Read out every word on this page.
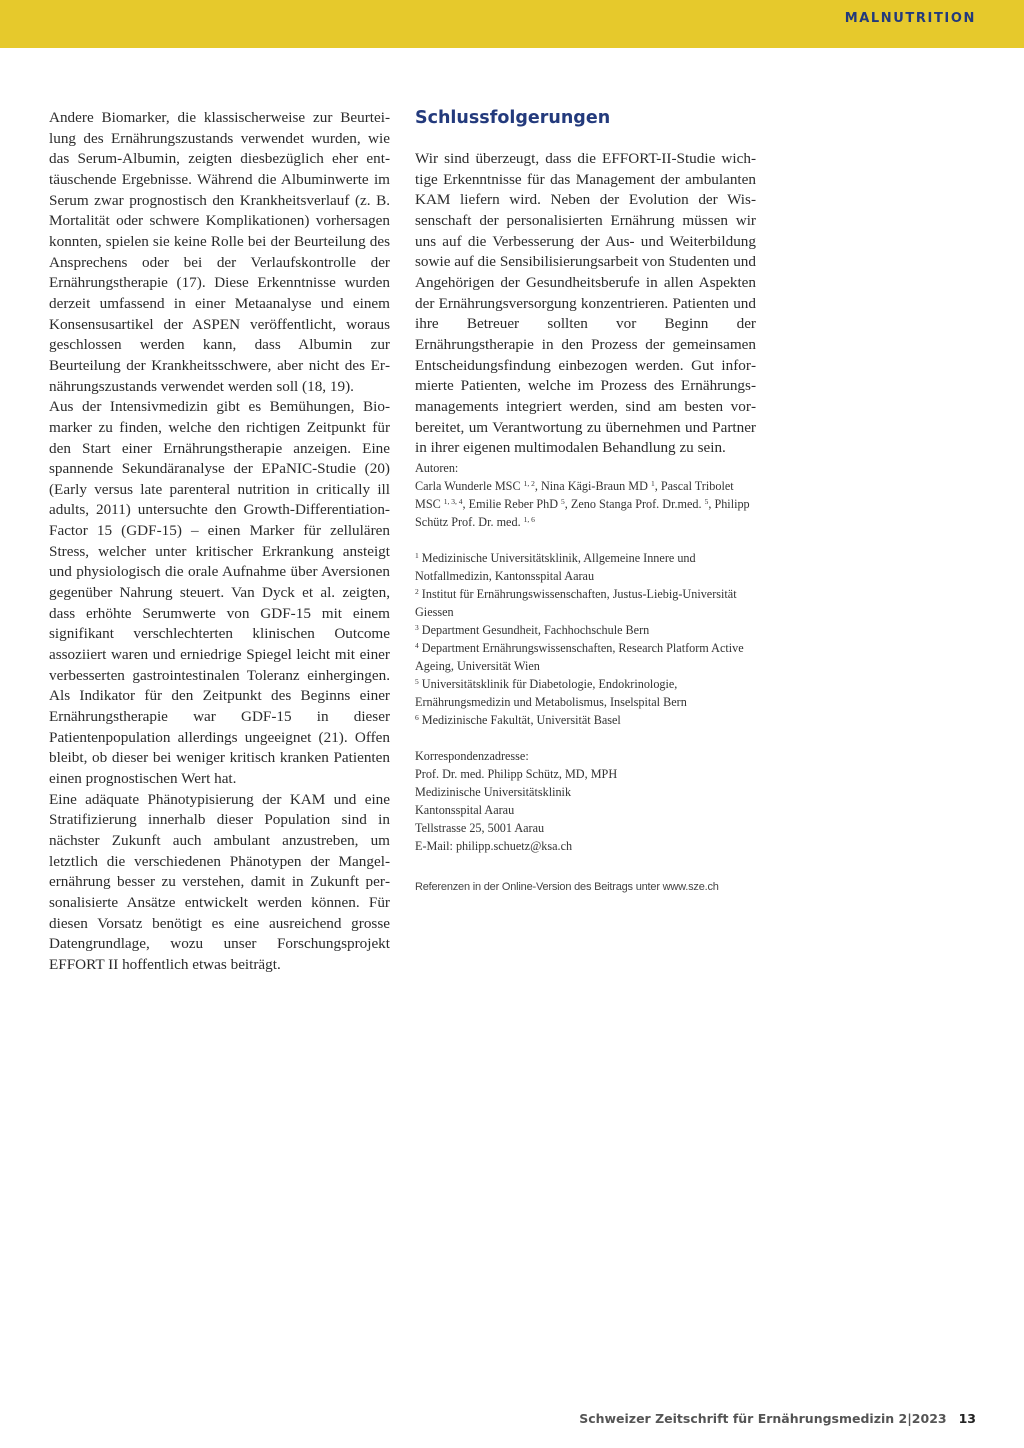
MALNUTRITION

Andere Biomarker, die klassischerweise zur Beurteilung des Ernährungszustands verwendet wurden, wie das Serum-Albumin, zeigten diesbezüglich eher enttäuschende Ergebnisse. Während die Albuminwerte im Serum zwar prognostisch den Krankheitsverlauf (z. B. Mortalität oder schwere Komplikationen) vorhersagen konnten, spielen sie keine Rolle bei der Beurteilung des Ansprechens oder bei der Verlaufskontrolle der Ernährungstherapie (17). Diese Erkenntnisse wurden derzeit umfassend in einer Metaanalyse und einem Konsensusartikel der ASPEN veröffentlicht, woraus geschlossen werden kann, dass Albumin zur Beurteilung der Krankheitsschwere, aber nicht des Ernährungszustands verwendet werden soll (18, 19).

Aus der Intensivmedizin gibt es Bemühungen, Biomarker zu finden, welche den richtigen Zeitpunkt für den Start einer Ernährungstherapie anzeigen. Eine spannende Sekundäranalyse der EPaNIC-Studie (20) (Early versus late parenteral nutrition in critically ill adults, 2011) untersuchte den Growth-Differentiation-Factor 15 (GDF-15) – einen Marker für zellulären Stress, welcher unter kritischer Erkrankung ansteigt und physiologisch die orale Aufnahme über Aversionen gegenüber Nahrung steuert. Van Dyck et al. zeigten, dass erhöhte Serumwerte von GDF-15 mit einem signifikant verschlechterten klinischen Outcome assoziiert waren und erniedrige Spiegel leicht mit einer verbesserten gastrointestinalen Toleranz einhergingen. Als Indikator für den Zeitpunkt des Beginns einer Ernährungstherapie war GDF-15 in dieser Patientenpopulation allerdings ungeeignet (21). Offen bleibt, ob dieser bei weniger kritisch kranken Patienten einen prognostischen Wert hat.

Eine adäquate Phänotypisierung der KAM und eine Stratifizierung innerhalb dieser Population sind in nächster Zukunft auch ambulant anzustreben, um letztlich die verschiedenen Phänotypen der Mangelernährung besser zu verstehen, damit in Zukunft personalisierte Ansätze entwickelt werden können. Für diesen Vorsatz benötigt es eine ausreichend grosse Datengrundlage, wozu unser Forschungsprojekt EFFORT II hoffentlich etwas beiträgt.

Schlussfolgerungen

Wir sind überzeugt, dass die EFFORT-II-Studie wichtige Erkenntnisse für das Management der ambulanten KAM liefern wird. Neben der Evolution der Wissenschaft der personalisierten Ernährung müssen wir uns auf die Verbesserung der Aus- und Weiterbildung sowie auf die Sensibilisierungsarbeit von Studenten und Angehörigen der Gesundheitsberufe in allen Aspekten der Ernährungsversorgung konzentrieren. Patienten und ihre Betreuer sollten vor Beginn der Ernährungstherapie in den Prozess der gemeinsamen Entscheidungsfindung einbezogen werden. Gut informierte Patienten, welche im Prozess des Ernährungsmanagements integriert werden, sind am besten vorbereitet, um Verantwortung zu übernehmen und Partner in ihrer eigenen multimodalen Behandlung zu sein.

Autoren:

Carla Wunderle MSC $^{1, 2}$, Nina Kägi-Braun MD $^1$, Pascal Tribolet MSC $^{1, 3, 4}$, Emilie Reber PhD $^5$, Zeno Stanga Prof. Dr.med. $^5$, Philipp Schütz Prof. Dr. med. $^{1, 6}$

$^1$ Medizinische Universitätsklinik, Allgemeine Innere und Notfallmedizin, Kantonsspital Aarau

$^2$ Institut für Ernährungswissenschaften, Justus-Liebig-Universität Giessen

$^3$ Department Gesundheit, Fachhochschule Bern

$^4$ Department Ernährungswissenschaften, Research Platform Active Ageing, Universität Wien

$^5$ Universitätsklinik für Diabetologie, Endokrinologie, Ernährungsmedizin und Metabolismus, Inselspital Bern

$^6$ Medizinische Fakultät, Universität Basel

Korrespondenzadresse:

Prof. Dr. med. Philipp Schütz, MD, MPH

Medizinische Universitätsklinik

Kantonsspital Aarau

Tellstrasse 25, 5001 Aarau

E-Mail: philipp.schuetz@ksa.ch

Referenzen in der Online-Version des Beitrags unter www.sze.ch
Schweizer Zeitschrift für Ernährungsmedizin 2|2023 13
